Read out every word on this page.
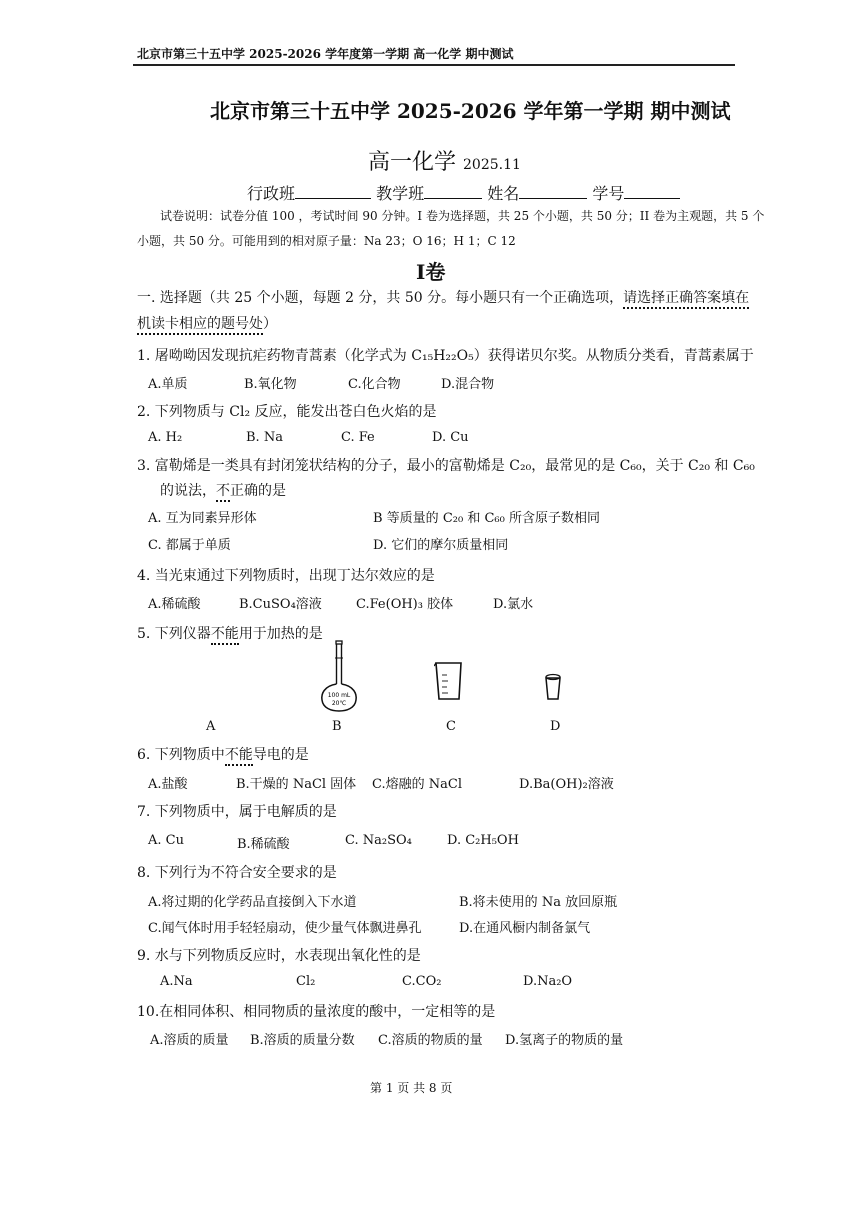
北京市第三十五中学 2025-2026 学年度第一学期 高一化学 期中测试
北京市第三十五中学 2025-2026 学年第一学期 期中测试
高一化学 2025.11
行政班	教学班	姓名	学号
试卷说明：试卷分值 100 ，考试时间 90 分钟。I 卷为选择题，共 25 个小题，共 50 分；II 卷为主观题，共 5 个
小题，共 50 分。可能用到的相对原子量：Na 23；O 16；H 1；C 12
I卷
一. 选择题（共 25 个小题，每题 2 分，共 50 分。每小题只有一个正确选项，请选择正确答案填在
机读卡相应的题号处）
1. 屠呦呦因发现抗疟药物青蒿素（化学式为 C₁₅H₂₂O₅）获得诺贝尔奖。从物质分类看，青蒿素属于
A.单质	B.氧化物	C.化合物	D.混合物
2. 下列物质与 Cl₂ 反应，能发出苍白色火焰的是
A. H₂	B. Na	C. Fe	D. Cu
3. 富勒烯是一类具有封闭笼状结构的分子，最小的富勒烯是 C₂₀，最常见的是 C₆₀，关于 C₂₀ 和 C₆₀
的说法，不正确的是
A. 互为同素异形体	B 等质量的 C₂₀ 和 C₆₀ 所含原子数相同
C. 都属于单质	D. 它们的摩尔质量相同
4. 当光束通过下列物质时，出现丁达尔效应的是
A.稀硫酸	B.CuSO₄溶液	C.Fe(OH)₃ 胶体	D.氯水
5. 下列仪器不能用于加热的是
100 mL
20℃
A	B	C	D
6. 下列物质中不能导电的是
A.盐酸	B.干燥的 NaCl 固体 C.熔融的 NaCl	D.Ba(OH)₂溶液
7. 下列物质中，属于电解质的是
A. Cu	B.稀硫酸	C. Na₂SO₄	D. C₂H₅OH
8. 下列行为不符合安全要求的是
A.将过期的化学药品直接倒入下水道	B.将未使用的 Na 放回原瓶
C.闻气体时用手轻轻扇动，使少量气体飘进鼻孔	D.在通风橱内制备氯气
9. 水与下列物质反应时，水表现出氧化性的是
A.Na	Cl₂	C.CO₂	D.Na₂O
10.在相同体积、相同物质的量浓度的酸中，一定相等的是
A.溶质的质量 B.溶质的质量分数 C.溶质的物质的量 D.氢离子的物质的量
第 1 页 共 8 页
